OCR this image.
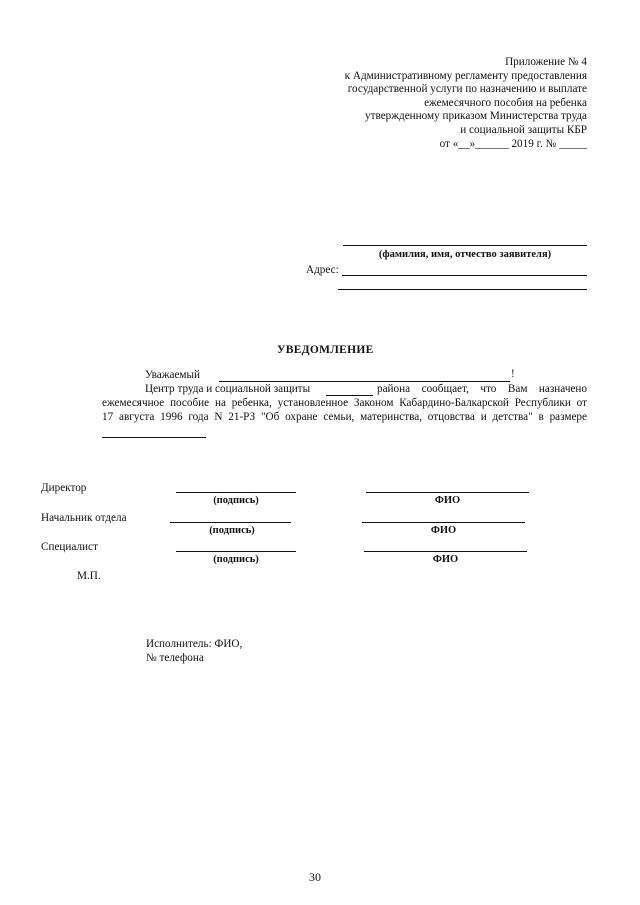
Приложение № 4
к Административному регламенту предоставления
государственной услуги по назначению и выплате
ежемесячного пособия на ребенка
утвержденному приказом Министерства труда
и социальной защиты КБР
от «__»______ 2019 г. № _____
(фамилия, имя, отчество заявителя)
Адрес:
УВЕДОМЛЕНИЕ
Уважаемый	!
Центр труда и социальной защиты	района сообщает, что Вам назначено
ежемесячное пособие на ребенка, установленное Законом Кабардино-Балкарской Республики от
17 августа 1996 года N 21-РЗ "Об охране семьи, материнства, отцовства и детства" в размере
Директор
(подпись)	ФИО
Начальник отдела
(подпись)	ФИО
Специалист
(подпись)	ФИО
М.П.
Исполнитель: ФИО,
№ телефона
30
